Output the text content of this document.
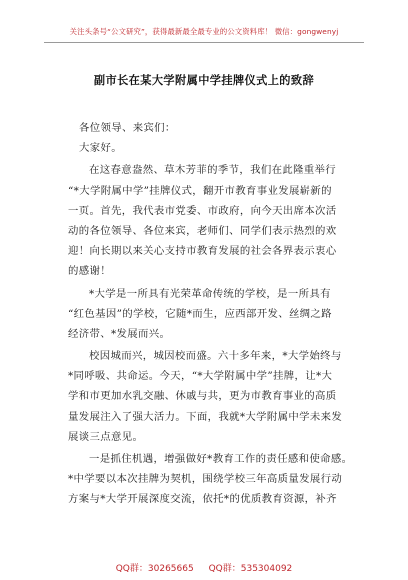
关注头条号“公文研究”，获得最新最全最专业的公文资料库！ 微信：gongwenyj
副市长在某大学附属中学挂牌仪式上的致辞
各位领导、来宾们：
大家好。
在这春意盎然、草木芳菲的季节，我们在此隆重举行
“*大学附属中学”挂牌仪式，翻开市教育事业发展崭新的
一页。首先，我代表市党委、市政府，向今天出席本次活
动的各位领导、各位来宾，老师们、同学们表示热烈的欢
迎！向长期以来关心支持市教育发展的社会各界表示衷心
的感谢！
*大学是一所具有光荣革命传统的学校，是一所具有
“红色基因”的学校，它随*而生，应西部开发、丝绸之路
经济带、*发展而兴。
校因城而兴，城因校而盛。六十多年来，*大学始终与
*同呼吸、共命运。今天，“*大学附属中学”挂牌，让*大
学和市更加水乳交融、休戚与共，更为市教育事业的高质
量发展注入了强大活力。下面，我就*大学附属中学未来发
展谈三点意见。
一是抓住机遇，增强做好*教育工作的责任感和使命感。
*中学要以本次挂牌为契机，围绕学校三年高质量发展行动
方案与*大学开展深度交流，依托*的优质教育资源，补齐
QQ群：30265665 QQ群：535304092
